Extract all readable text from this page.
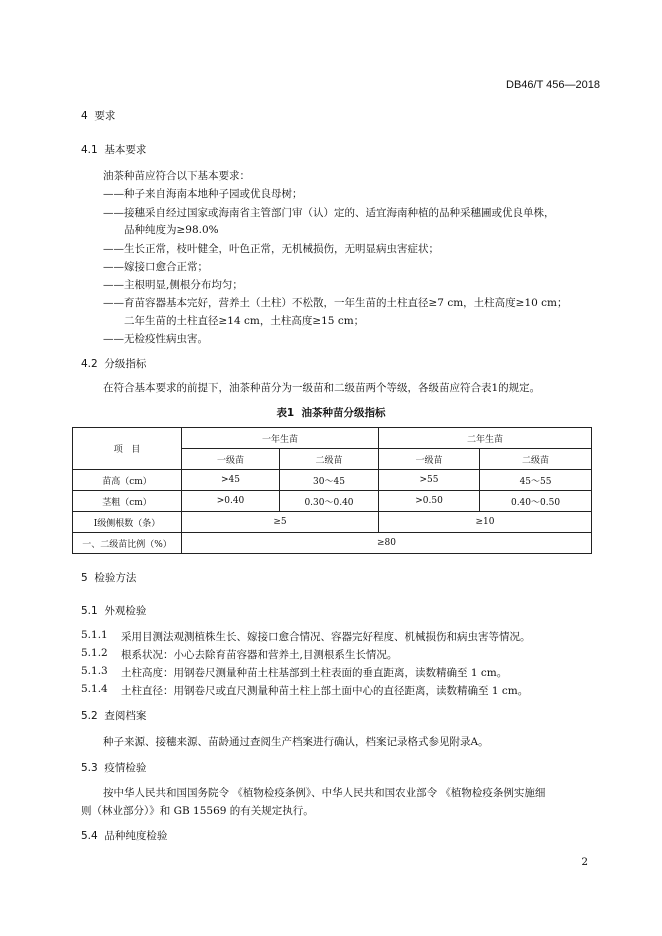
DB46/T 456—2018
4  要求
4.1  基本要求
油茶种苗应符合以下基本要求：
——种子来自海南本地种子园或优良母树；
——接穗采自经过国家或海南省主管部门审（认）定的、适宜海南种植的品种采穗圃或优良单株，
品种纯度为≥98.0%
——生长正常，枝叶健全，叶色正常，无机械损伤，无明显病虫害症状；
——嫁接口愈合正常；
——主根明显,侧根分布均匀；
——育苗容器基本完好，营养土（土柱）不松散，一年生苗的土柱直径≥7 cm，土柱高度≥10 cm；
二年生苗的土柱直径≥14 cm，土柱高度≥15 cm；
——无检疫性病虫害。
4.2  分级指标
在符合基本要求的前提下，油茶种苗分为一级苗和二级苗两个等级，各级苗应符合表1的规定。
表1  油茶种苗分级指标
项   目	一年生苗		二年生苗	
	一级苗	二级苗	一级苗	二级苗
苗高（cm）	>45	30～45	>55	45～55
茎粗（cm）	>0.40	0.30～0.40	>0.50	0.40～0.50
Ⅰ级侧根数（条）	≥5		≥10	
一、二级苗比例（%）	≥80			
5  检验方法
5.1  外观检验
5.1.1 采用目测法观测植株生长、嫁接口愈合情况、容器完好程度、机械损伤和病虫害等情况。
5.1.2 根系状况：小心去除育苗容器和营养土,目测根系生长情况。
5.1.3 土柱高度：用钢卷尺测量种苗土柱基部到土柱表面的垂直距离，读数精确至 1 cm。
5.1.4 土柱直径：用钢卷尺或直尺测量种苗土柱上部土面中心的直径距离，读数精确至 1 cm。
5.2  查阅档案
种子来源、接穗来源、苗龄通过查阅生产档案进行确认，档案记录格式参见附录A。
5.3  疫情检验
按中华人民共和国国务院令 《植物检疫条例》、中华人民共和国农业部令 《植物检疫条例实施细
则（林业部分）》和 GB 15569 的有关规定执行。
5.4  品种纯度检验
2
